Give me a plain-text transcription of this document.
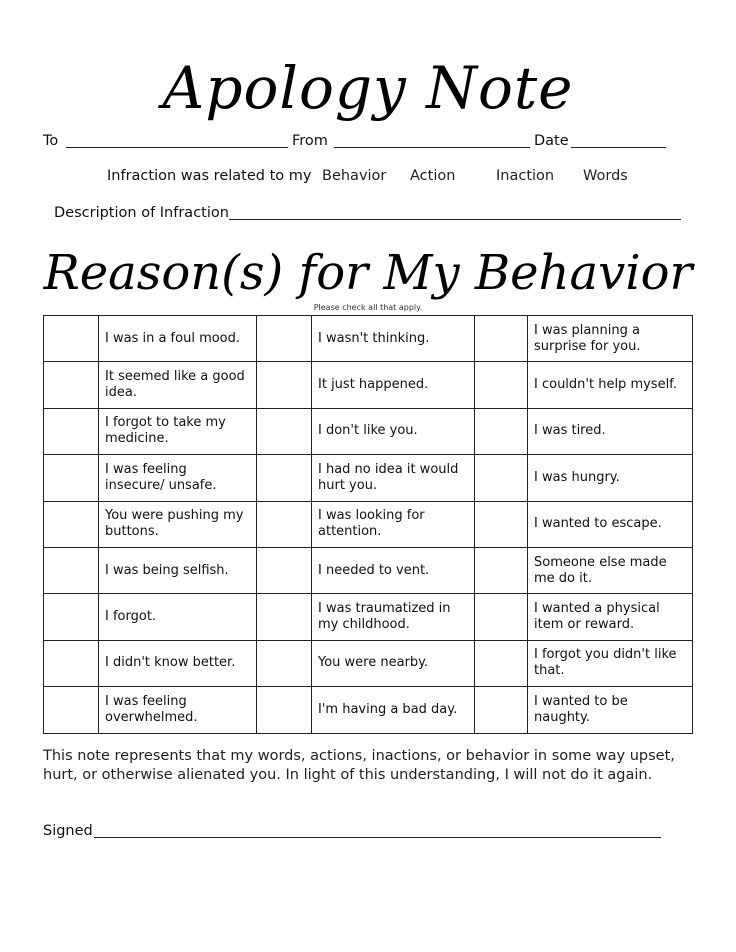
Apology Note
To	From	Date
Infraction was related to my Behavior Action	Inaction Words
Description of Infraction
Reason(s) for My Behavior
Please check all that apply.
	I was in a foul mood.		I wasn't thinking.		I was planning a surprise for you.
	It seemed like a good idea.		It just happened.		I couldn't help myself.
	I forgot to take my medicine.		I don't like you.		I was tired.
	I was feeling insecure/ unsafe.		I had no idea it would hurt you.		I was hungry.
	You were pushing my buttons.		I was looking for attention.		I wanted to escape.
	I was being selfish.		I needed to vent.		Someone else made me do it.
	I forgot.		I was traumatized in my childhood.		I wanted a physical item or reward.
	I didn't know better.		You were nearby.		I forgot you didn't like that.
	I was feeling overwhelmed.		I'm having a bad day.		I wanted to be naughty.

This note represents that my words, actions, inactions, or behavior in some way upset, hurt, or otherwise alienated you. In light of this understanding, I will not do it again.

Signed
